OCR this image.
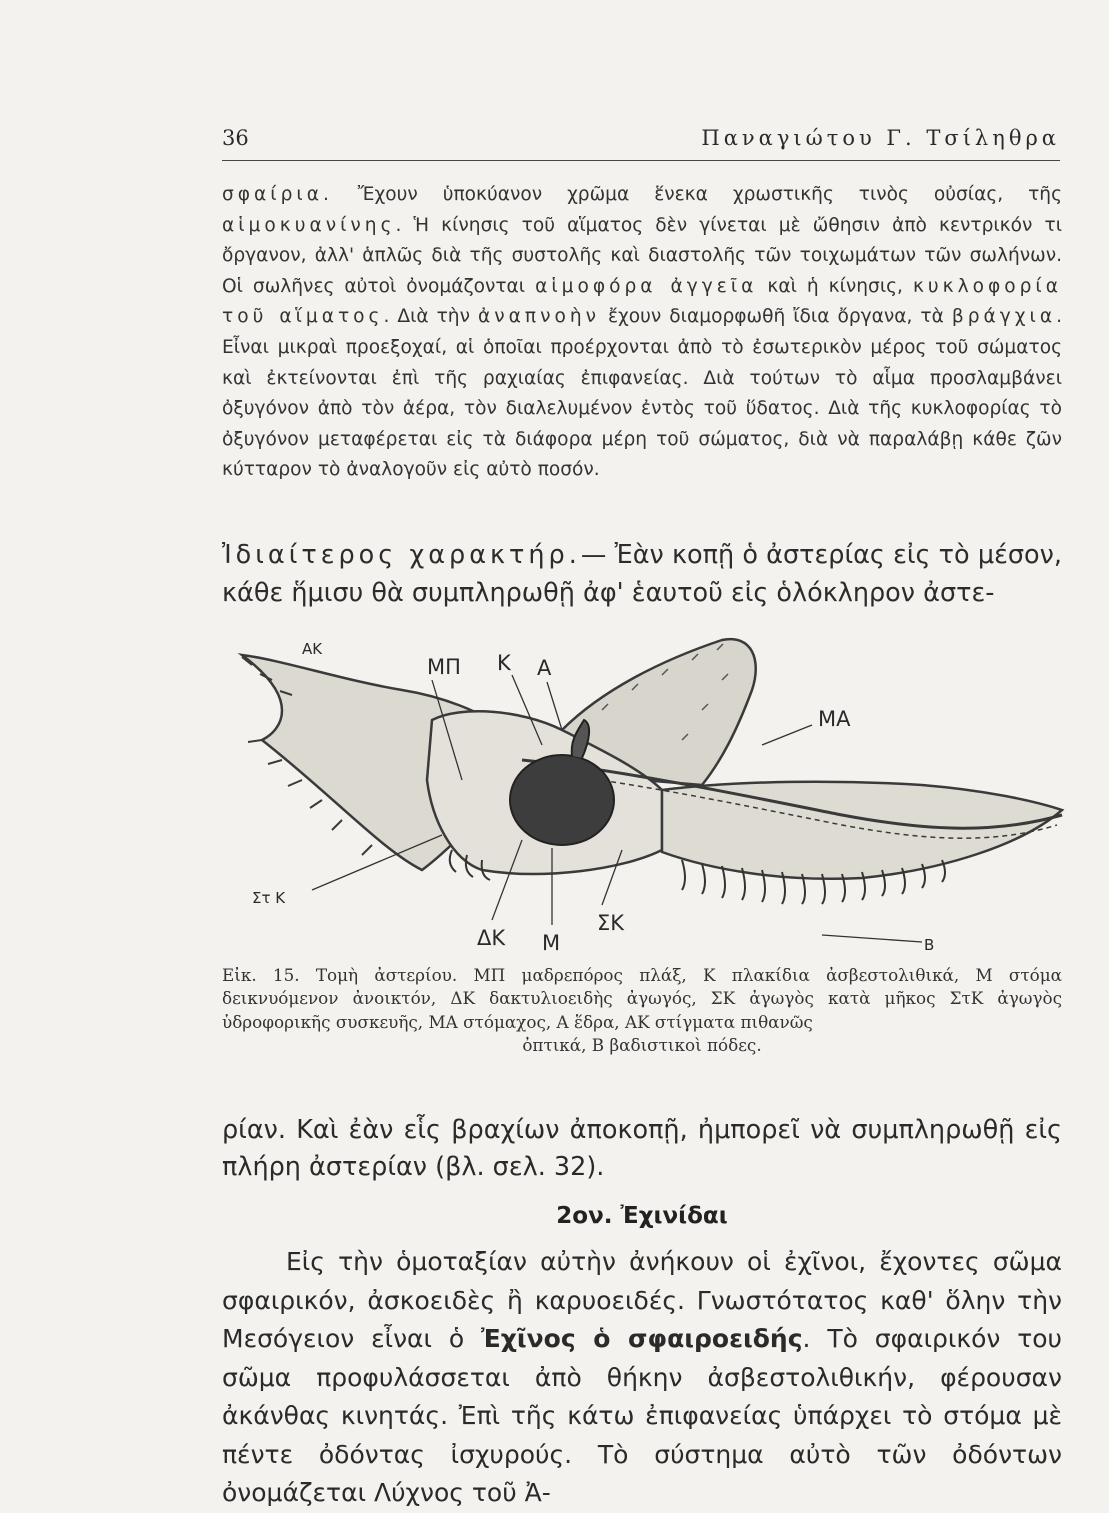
36	Παναγιώτου Γ. Τσίληθρα

σφαίρια. Ἔχουν ὑποκύανον χρῶμα ἕνεκα χρωστικῆς τινὸς οὐσίας, τῆς αἱμοκυανίνης. Ἡ κίνησις τοῦ αἵματος δὲν γίνεται μὲ ὤθησιν ἀπὸ κεντρικόν τι ὄργανον, ἀλλ' ἁπλῶς διὰ τῆς συστολῆς καὶ διαστολῆς τῶν τοιχωμάτων τῶν σωλήνων. Οἱ σωλῆνες αὐτοὶ ὀνομάζονται αἱμοφόρα ἀγγεῖα καὶ ἡ κίνησις, κυκλοφορία τοῦ αἵματος. Διὰ τὴν ἀναπνοὴν ἔχουν διαμορφωθῆ ἴδια ὄργανα, τὰ βράγχια. Εἶναι μικραὶ προεξοχαί, αἱ ὁποῖαι προέρχονται ἀπὸ τὸ ἐσωτερικὸν μέρος τοῦ σώματος καὶ ἐκτείνονται ἐπὶ τῆς ραχιαίας ἐπιφανείας. Διὰ τούτων τὸ αἷμα προσλαμβάνει ὀξυγόνον ἀπὸ τὸν ἀέρα, τὸν διαλελυμένον ἐντὸς τοῦ ὕδατος. Διὰ τῆς κυκλοφορίας τὸ ὀξυγόνον μεταφέρεται εἰς τὰ διάφορα μέρη τοῦ σώματος, διὰ νὰ παραλάβῃ κάθε ζῶν κύτταρον τὸ ἀναλογοῦν εἰς αὐτὸ ποσόν.

Ἰδιαίτερος χαρακτήρ.— Ἐὰν κοπῇ ὁ ἀστερίας εἰς τὸ μέσον, κάθε ἥμισυ θὰ συμπληρωθῇ ἀφ' ἑαυτοῦ εἰς ὁλόκληρον ἀστε-

ΑΚ
ΜΠ Κ Α
ΜΑ
Στ Κ
ΔΚ Μ
ΣΚ
Β

Εἰκ. 15. Τομὴ ἀστερίου. ΜΠ μαδρεπόρος πλάξ, Κ πλακίδια ἀσβεστολιθικά, Μ στόμα δεικνυόμενον ἀνοικτόν, ΔΚ δακτυλιοειδὴς ἀγωγός, ΣΚ ἀγωγὸς κατὰ μῆκος ΣτΚ ἀγωγὸς ὑδροφορικῆς συσκευῆς, ΜΑ στόμαχος, Α ἕδρα, ΑΚ στίγματα πιθανῶς
ὀπτικά, Β βαδιστικοὶ πόδες.

ρίαν. Καὶ ἐὰν εἷς βραχίων ἀποκοπῇ, ἠμπορεῖ νὰ συμπληρωθῇ εἰς πλήρη ἀστερίαν (βλ. σελ. 32).

2ον. Ἐχινίδαι

Εἰς τὴν ὁμοταξίαν αὐτὴν ἀνήκουν οἱ ἐχῖνοι, ἔχοντες σῶμα σφαιρικόν, ἀσκοειδὲς ἢ καρυοειδές. Γνωστότατος καθ' ὅλην τὴν Μεσόγειον εἶναι ὁ Ἐχῖνος ὁ σφαιροειδής. Τὸ σφαιρικόν του σῶμα προφυλάσσεται ἀπὸ θήκην ἀσβεστολιθικήν, φέρουσαν ἀκάνθας κινητάς. Ἐπὶ τῆς κάτω ἐπιφανείας ὑπάρχει τὸ στόμα μὲ πέντε ὀδόντας ἰσχυρούς. Τὸ σύστημα αὐτὸ τῶν ὀδόντων ὀνομάζεται Λύχνος τοῦ Ἀ-
